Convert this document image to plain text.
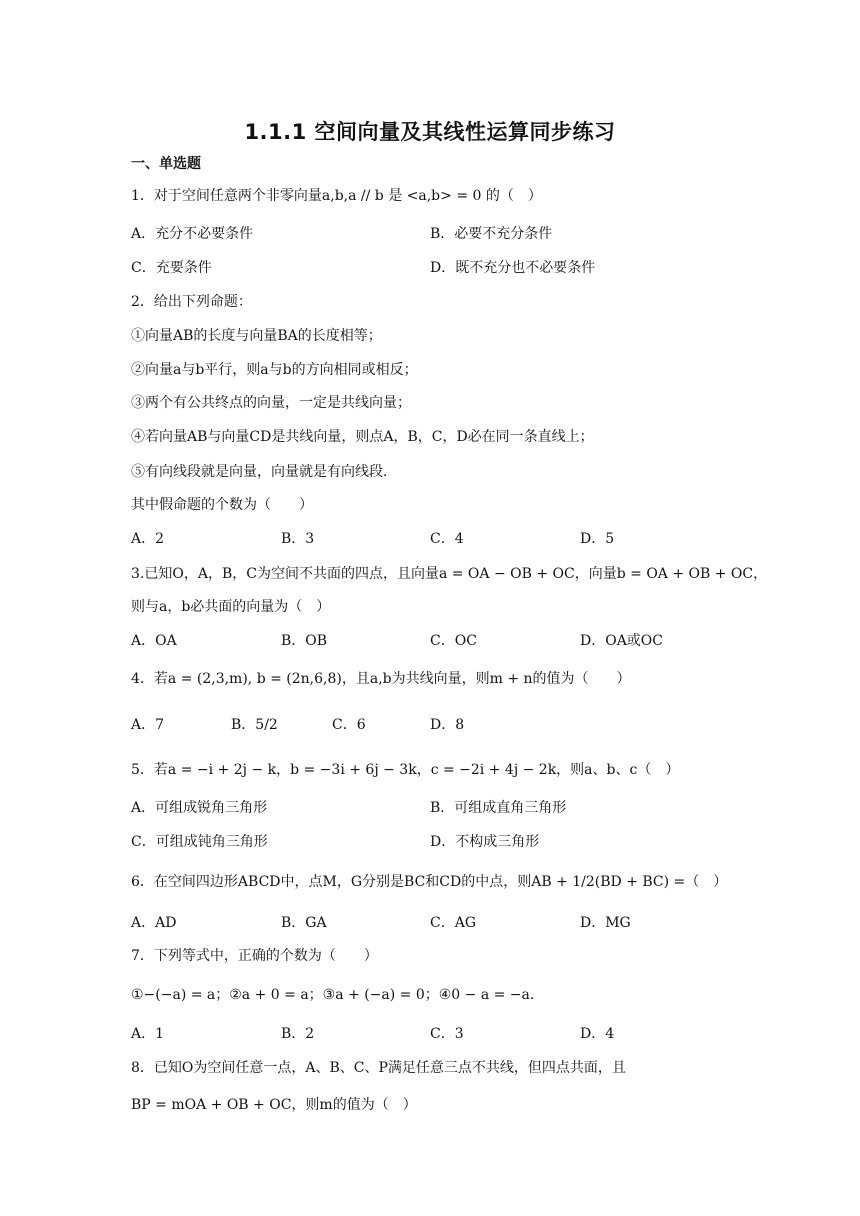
1.1.1 空间向量及其线性运算同步练习
一、单选题
1．对于空间任意两个非零向量a,b,a // b 是 <a,b> = 0 的（　）
A．充分不必要条件	B．必要不充分条件
C．充要条件	D．既不充分也不必要条件
2．给出下列命题：
①向量AB的长度与向量BA的长度相等；
②向量a与b平行，则a与b的方向相同或相反；
③两个有公共终点的向量，一定是共线向量；
④若向量AB与向量CD是共线向量，则点A，B，C，D必在同一条直线上；
⑤有向线段就是向量，向量就是有向线段．
其中假命题的个数为（　　）
A．2	B．3	C．4	D．5
3.已知O，A，B，C为空间不共面的四点，且向量a = OA − OB + OC，向量b = OA + OB + OC，
则与a，b必共面的向量为（　）
A．OA	B．OB	C．OC	D．OA或OC
4．若a = (2,3,m), b = (2n,6,8)，且a,b为共线向量，则m + n的值为（　　）
A．7	B．5/2	C．6	D．8
5．若a = −i + 2j − k，b = −3i + 6j − 3k，c = −2i + 4j − 2k，则a、b、c（　）
A．可组成锐角三角形	B．可组成直角三角形
C．可组成钝角三角形	D．不构成三角形
6．在空间四边形ABCD中，点M，G分别是BC和CD的中点，则AB + 1/2(BD + BC) =（　）
A．AD	B．GA	C．AG	D．MG
7．下列等式中，正确的个数为（　　）
①−(−a) = a；②a + 0 = a；③a + (−a) = 0；④0 − a = −a．
A．1	B．2	C．3	D．4
8．已知O为空间任意一点，A、B、C、P满足任意三点不共线，但四点共面，且
BP = mOA + OB + OC，则m的值为（　）
